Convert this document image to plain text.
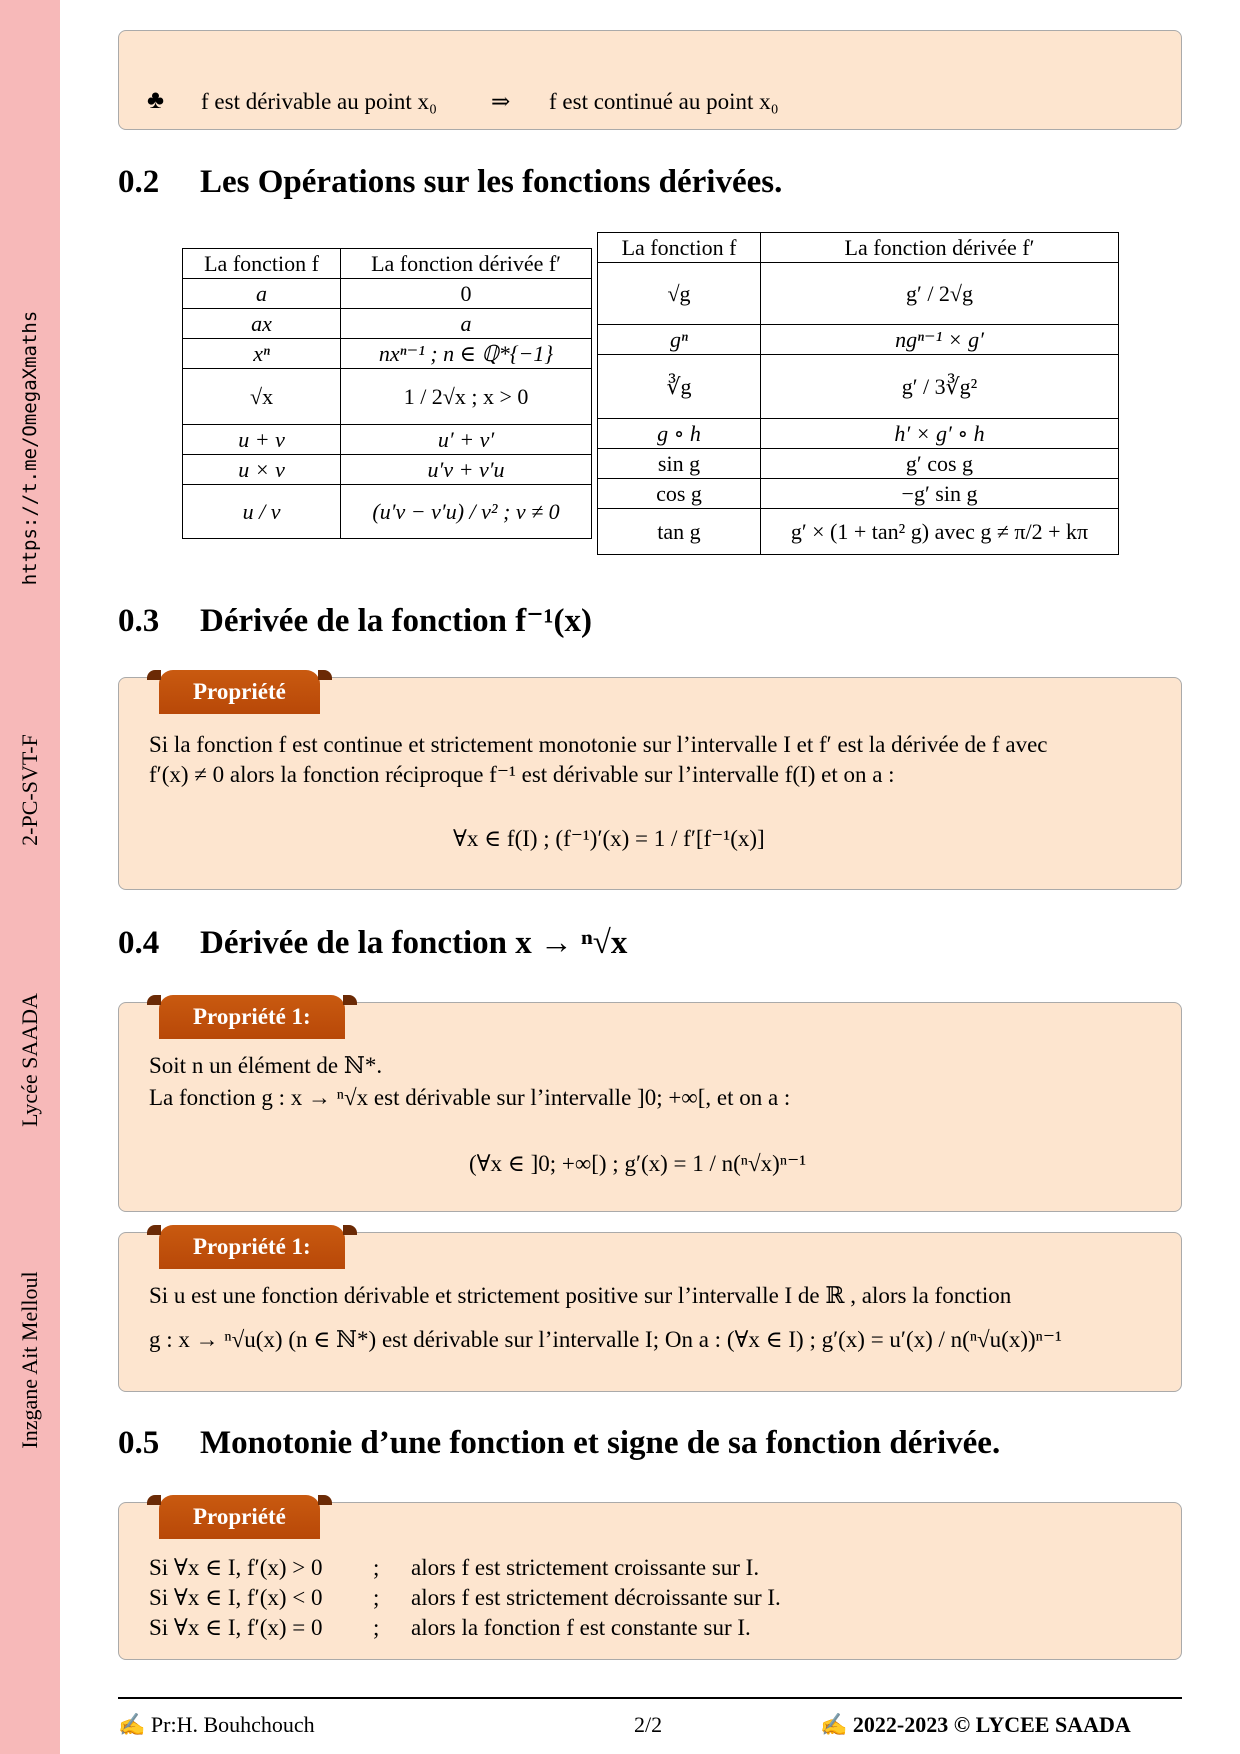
https://t.me/OmegaXmaths
2-PC-SVT-F
Lycée SAADA
Inzgane Ait Melloul
♣ f est dérivable au point x₀ ⇒ f est continué au point x₀
0.2 Les Opérations sur les fonctions dérivées.
La fonction f	La fonction dérivée f′
a	0
ax	a
xⁿ	nxⁿ⁻¹ ; n ∈ ℚ*{−1}
√x	1 / 2√x ; x > 0
u + v	u′ + v′
u × v	u′v + v′u
u / v	(u′v − v′u) / v² ; v ≠ 0
La fonction f	La fonction dérivée f′
√g	g′ / 2√g
gⁿ	ngⁿ⁻¹ × g′
∛g	g′ / 3∛g²
g ∘ h	h′ × g′ ∘ h
sin g	g′ cos g
cos g	−g′ sin g
tan g	g′ × (1 + tan² g) avec g ≠ π/2 + kπ
0.3 Dérivée de la fonction f⁻¹(x)
Propriété
Si la fonction f est continue et strictement monotonie sur l’intervalle I et f′ est la dérivée de f avec
f′(x) ≠ 0 alors la fonction réciproque f⁻¹ est dérivable sur l’intervalle f(I) et on a :
∀x ∈ f(I) ; (f⁻¹)′(x) = 1 / f′[f⁻¹(x)]
0.4 Dérivée de la fonction x → ⁿ√x
Propriété 1:
Soit n un élément de ℕ*.
La fonction g : x → ⁿ√x est dérivable sur l’intervalle ]0; +∞[, et on a :
(∀x ∈ ]0; +∞[) ; g′(x) = 1 / n(ⁿ√x)ⁿ⁻¹
Propriété 1:
Si u est une fonction dérivable et strictement positive sur l’intervalle I de ℝ , alors la fonction
g : x → ⁿ√u(x) (n ∈ ℕ*) est dérivable sur l’intervalle I; On a : (∀x ∈ I) ; g′(x) = u′(x) / n(ⁿ√u(x))ⁿ⁻¹
0.5 Monotonie d’une fonction et signe de sa fonction dérivée.
Propriété
Si ∀x ∈ I, f′(x) > 0 ; alors f est strictement croissante sur I.
Si ∀x ∈ I, f′(x) < 0 ; alors f est strictement décroissante sur I.
Si ∀x ∈ I, f′(x) = 0 ; alors la fonction f est constante sur I.
✍ Pr:H. Bouhchouch	2/2	✍ 2022-2023 © LYCEE SAADA
